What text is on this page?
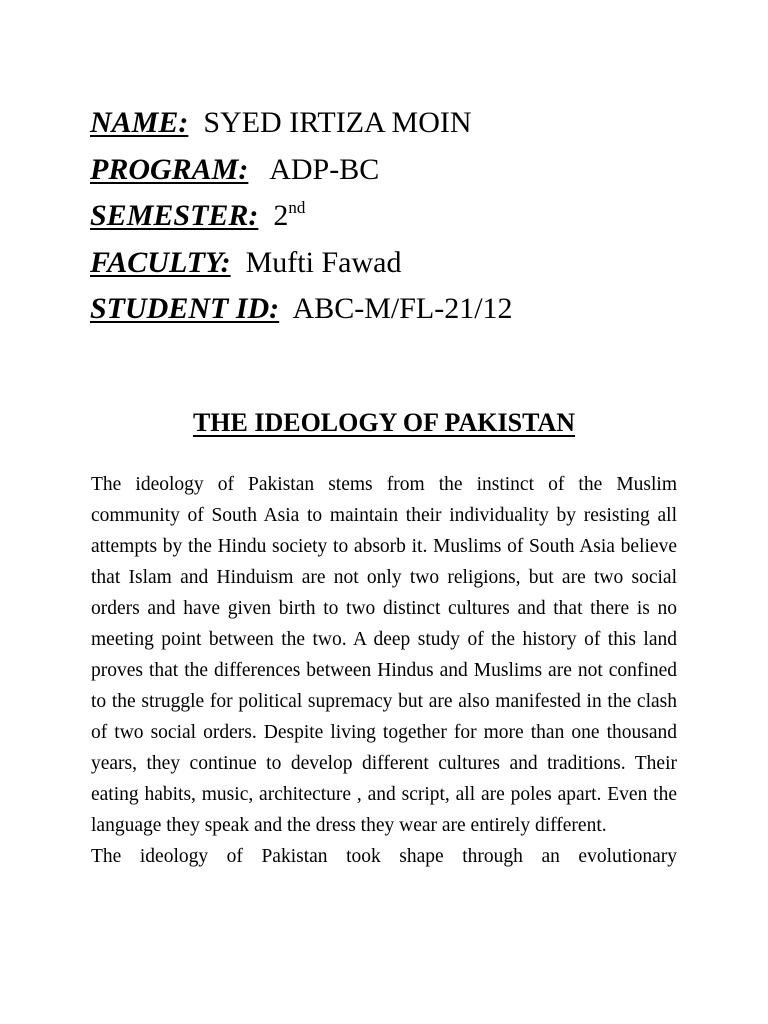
NAME: SYED IRTIZA MOIN
PROGRAM: ADP-BC
SEMESTER: 2nd
FACULTY: Mufti Fawad
STUDENT ID: ABC-M/FL-21/12
THE IDEOLOGY OF PAKISTAN

The ideology of Pakistan stems from the instinct of the Muslim community of South Asia to maintain their individuality by resisting all attempts by the Hindu society to absorb it. Muslims of South Asia believe that Islam and Hinduism are not only two religions, but are two social orders and have given birth to two distinct cultures and that there is no meeting point between the two. A deep study of the history of this land proves that the differences between Hindus and Muslims are not confined to the struggle for political supremacy but are also manifested in the clash of two social orders. Despite living together for more than one thousand years, they continue to develop different cultures and traditions. Their eating habits, music, architecture , and script, all are poles apart. Even the language they speak and the dress they wear are entirely different.

The ideology of Pakistan took shape through an evolutionary
